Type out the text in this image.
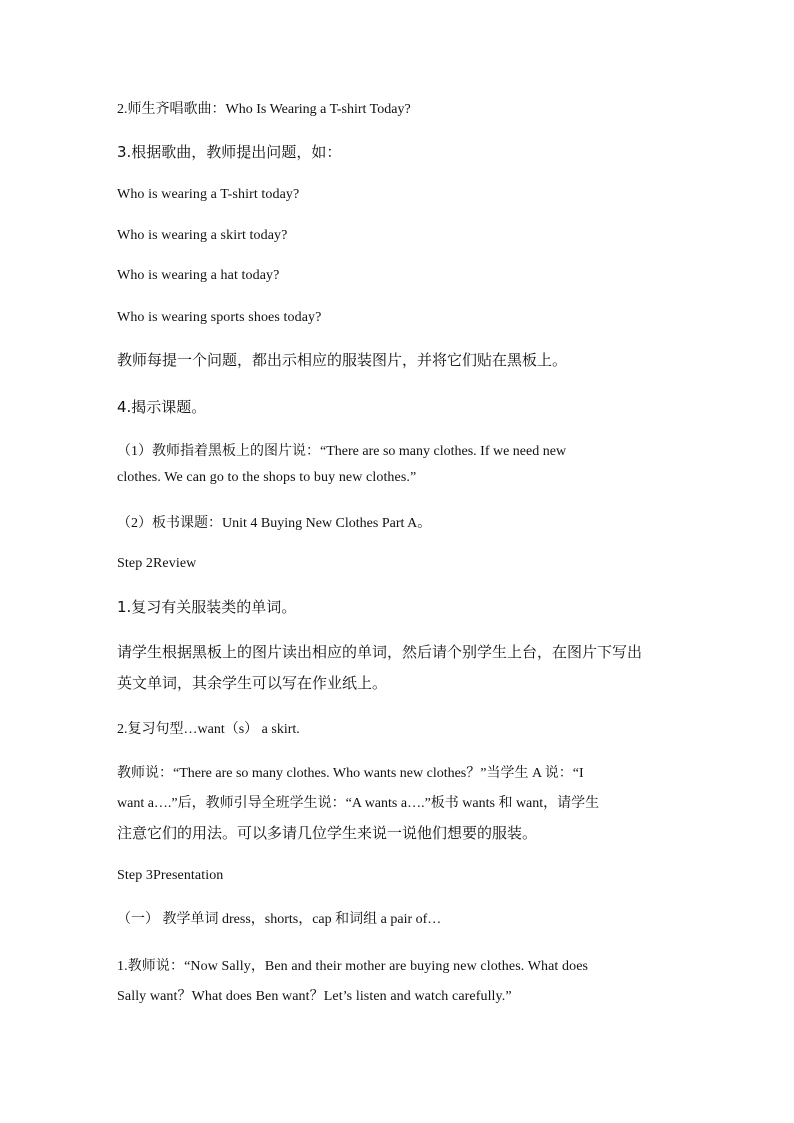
2.师生齐唱歌曲：Who Is Wearing a T-shirt Today?
3.根据歌曲，教师提出问题，如：
Who is wearing a T-shirt today?
Who is wearing a skirt today?
Who is wearing a hat today?
Who is wearing sports shoes today?
教师每提一个问题，都出示相应的服装图片，并将它们贴在黑板上。
4.揭示课题。
（1）教师指着黑板上的图片说：“There are so many clothes. If we need new
clothes. We can go to the shops to buy new clothes.”
（2）板书课题：Unit 4 Buying New Clothes Part A。
Step 2Review
1.复习有关服装类的单词。
请学生根据黑板上的图片读出相应的单词，然后请个别学生上台，在图片下写出
英文单词，其余学生可以写在作业纸上。
2.复习句型…want（s） a skirt.
教师说：“There are so many clothes. Who wants new clothes？”当学生 A 说：“I
want a….”后，教师引导全班学生说：“A wants a….”板书 wants 和 want，请学生
注意它们的用法。可以多请几位学生来说一说他们想要的服装。
Step 3Presentation
（一） 教学单词 dress，shorts，cap 和词组 a pair of…
1.教师说：“Now Sally，Ben and their mother are buying new clothes. What does
Sally want？What does Ben want？Let’s listen and watch carefully.”
